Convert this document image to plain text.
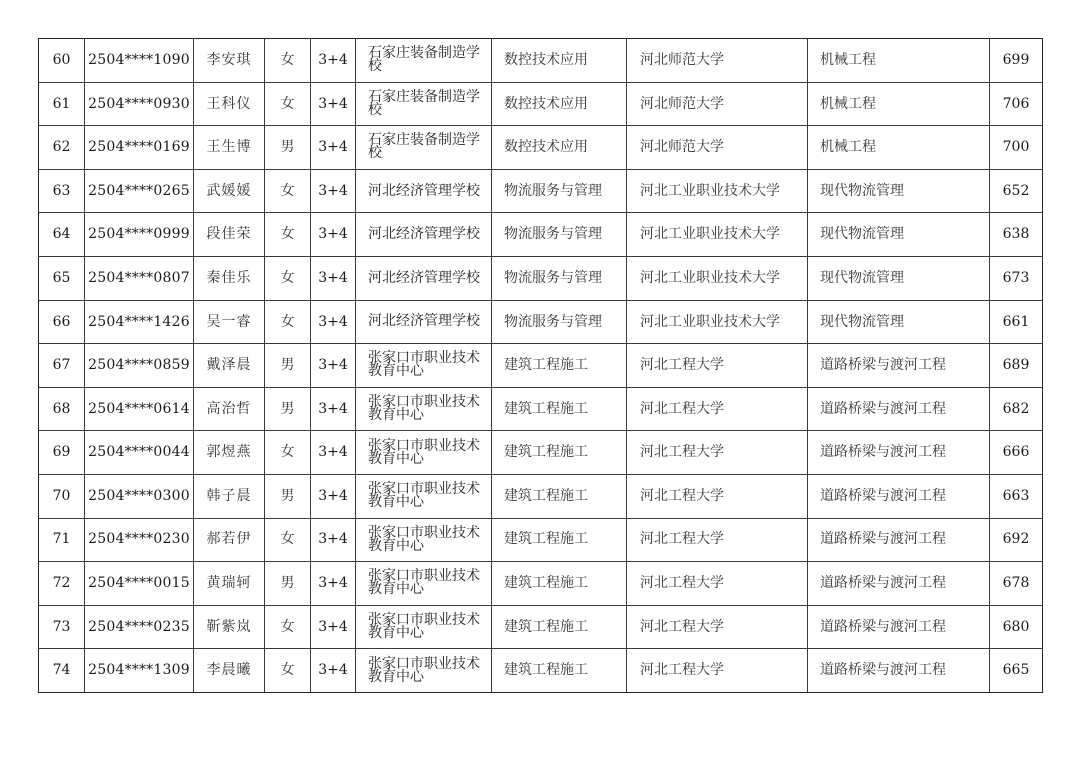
60	2504****1090	李安琪	女	3+4	石家庄装备制造学校	数控技术应用	河北师范大学	机械工程	699
61	2504****0930	王科仪	女	3+4	石家庄装备制造学校	数控技术应用	河北师范大学	机械工程	706
62	2504****0169	王生博	男	3+4	石家庄装备制造学校	数控技术应用	河北师范大学	机械工程	700
63	2504****0265	武媛媛	女	3+4	河北经济管理学校	物流服务与管理	河北工业职业技术大学	现代物流管理	652
64	2504****0999	段佳荣	女	3+4	河北经济管理学校	物流服务与管理	河北工业职业技术大学	现代物流管理	638
65	2504****0807	秦佳乐	女	3+4	河北经济管理学校	物流服务与管理	河北工业职业技术大学	现代物流管理	673
66	2504****1426	吴一睿	女	3+4	河北经济管理学校	物流服务与管理	河北工业职业技术大学	现代物流管理	661
67	2504****0859	戴泽晨	男	3+4	张家口市职业技术教育中心	建筑工程施工	河北工程大学	道路桥梁与渡河工程	689
68	2504****0614	高治哲	男	3+4	张家口市职业技术教育中心	建筑工程施工	河北工程大学	道路桥梁与渡河工程	682
69	2504****0044	郭煜燕	女	3+4	张家口市职业技术教育中心	建筑工程施工	河北工程大学	道路桥梁与渡河工程	666
70	2504****0300	韩子晨	男	3+4	张家口市职业技术教育中心	建筑工程施工	河北工程大学	道路桥梁与渡河工程	663
71	2504****0230	郝若伊	女	3+4	张家口市职业技术教育中心	建筑工程施工	河北工程大学	道路桥梁与渡河工程	692
72	2504****0015	黄瑞轲	男	3+4	张家口市职业技术教育中心	建筑工程施工	河北工程大学	道路桥梁与渡河工程	678
73	2504****0235	靳紫岚	女	3+4	张家口市职业技术教育中心	建筑工程施工	河北工程大学	道路桥梁与渡河工程	680
74	2504****1309	李晨曦	女	3+4	张家口市职业技术教育中心	建筑工程施工	河北工程大学	道路桥梁与渡河工程	665
